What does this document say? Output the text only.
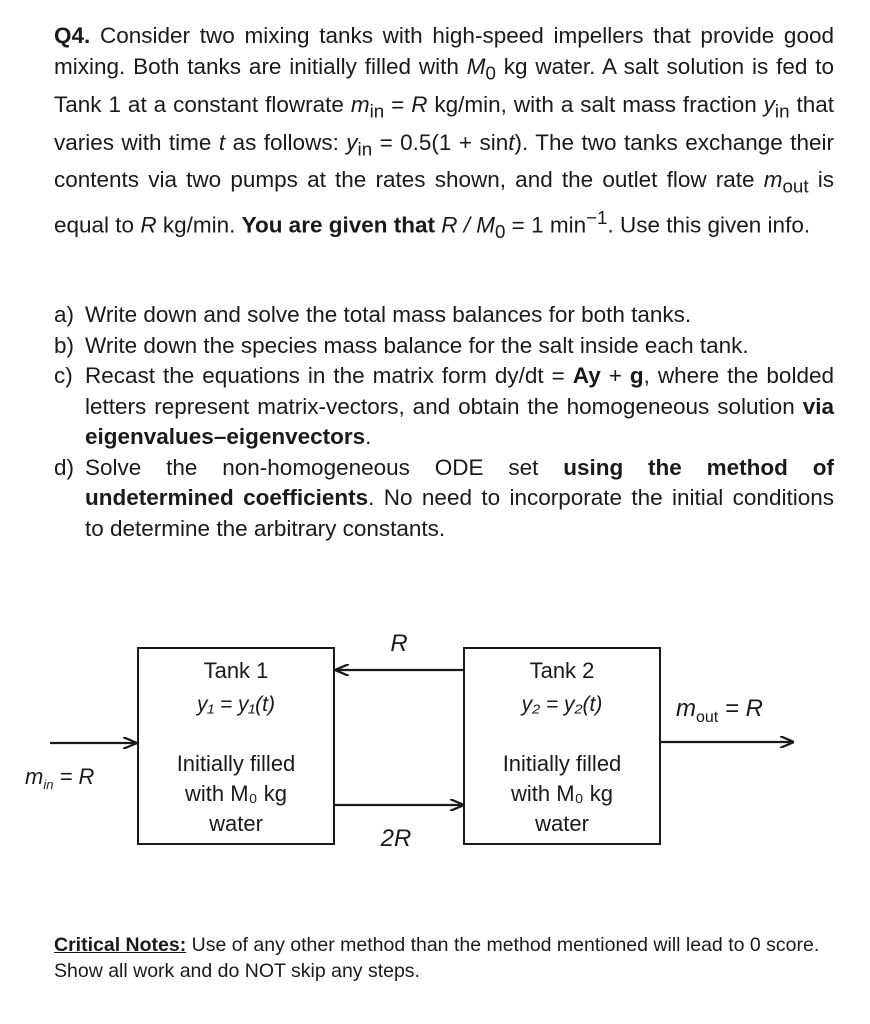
Q4. Consider two mixing tanks with high-speed impellers that provide good mixing. Both tanks are initially filled with $M_0$ kg water. A salt solution is fed to Tank 1 at a constant flowrate $m_{in} = R$ kg/min, with a salt mass fraction $y_{in}$ that varies with time t as follows: $y_{in} = 0.5(1 + \sin t)$. The two tanks exchange their contents via two pumps at the rates shown, and the outlet flow rate $m_{out}$ is equal to R kg/min. You are given that $R / M_0 = 1$ $\min^{-1}$. Use this given info.
a) Write down and solve the total mass balances for both tanks.
b) Write down the species mass balance for the salt inside each tank.
c) Recast the equations in the matrix form dy/dt = Ay + g, where the bolded letters represent matrix-vectors, and obtain the homogeneous solution via eigenvalues–eigenvectors.
d) Solve the non-homogeneous ODE set using the method of undetermined coefficients. No need to incorporate the initial conditions to determine the arbitrary constants.
Tank 1
y₁ = y₁(t)
Initially filled
with M₀ kg
water
Tank 2
y₂ = y₂(t)
Initially filled
with M₀ kg
water
R
2R
$m_{in} = R$
$m_{out} = R$
Critical Notes: Use of any other method than the method mentioned will lead to 0 score. Show all work and do NOT skip any steps.
